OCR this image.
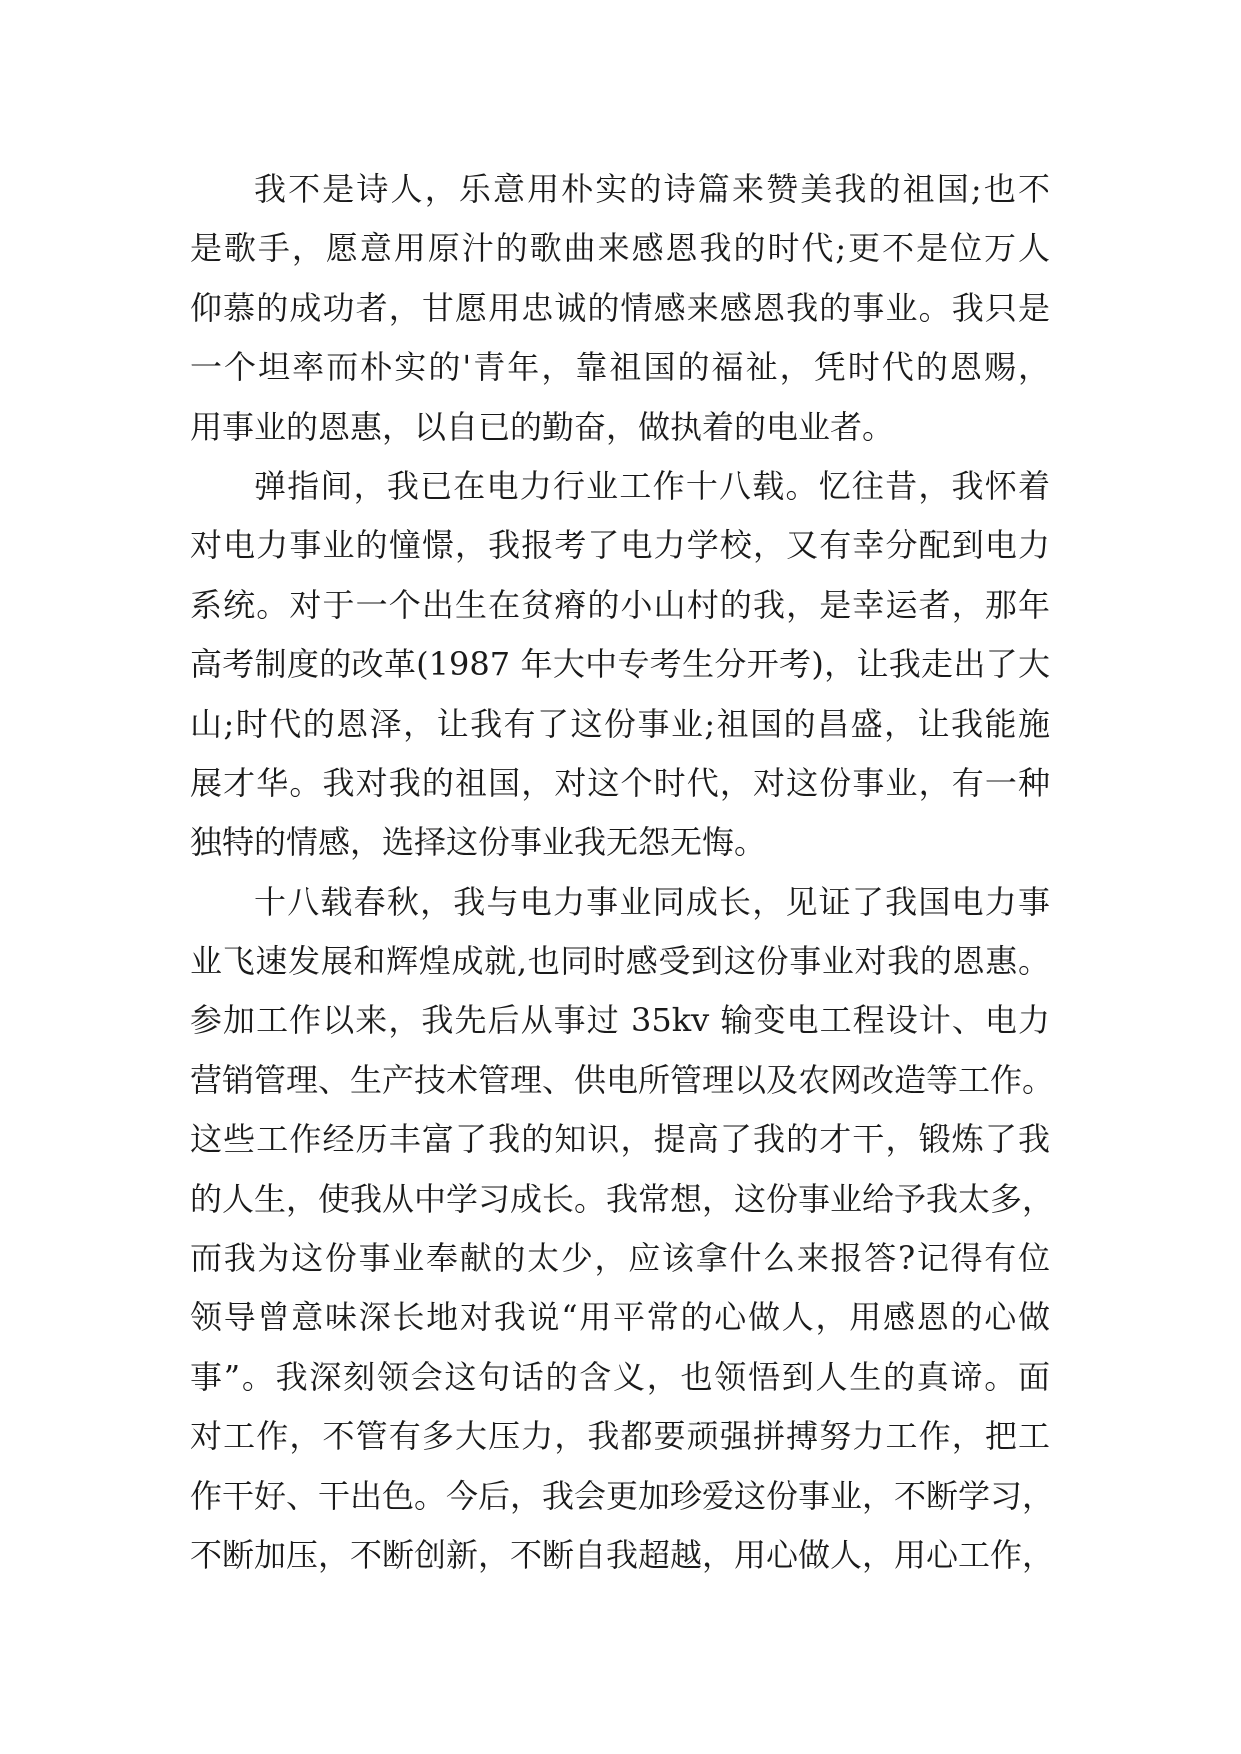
我不是诗人，乐意用朴实的诗篇来赞美我的祖国;也不
是歌手，愿意用原汁的歌曲来感恩我的时代;更不是位万人
仰慕的成功者，甘愿用忠诚的情感来感恩我的事业。我只是
一个坦率而朴实的'青年，靠祖国的福祉，凭时代的恩赐，
用事业的恩惠，以自已的勤奋，做执着的电业者。
弹指间，我已在电力行业工作十八载。忆往昔，我怀着
对电力事业的憧憬，我报考了电力学校，又有幸分配到电力
系统。对于一个出生在贫瘠的小山村的我，是幸运者，那年
高考制度的改革(1987 年大中专考生分开考)，让我走出了大
山;时代的恩泽，让我有了这份事业;祖国的昌盛，让我能施
展才华。我对我的祖国，对这个时代，对这份事业，有一种
独特的情感，选择这份事业我无怨无悔。
十八载春秋，我与电力事业同成长，见证了我国电力事
业飞速发展和辉煌成就,也同时感受到这份事业对我的恩惠。
参加工作以来，我先后从事过 35kv 输变电工程设计、电力
营销管理、生产技术管理、供电所管理以及农网改造等工作。
这些工作经历丰富了我的知识，提高了我的才干，锻炼了我
的人生，使我从中学习成长。我常想，这份事业给予我太多，
而我为这份事业奉献的太少，应该拿什么来报答?记得有位
领导曾意味深长地对我说“用平常的心做人，用感恩的心做
事”。我深刻领会这句话的含义，也领悟到人生的真谛。面
对工作，不管有多大压力，我都要顽强拼搏努力工作，把工
作干好、干出色。今后，我会更加珍爱这份事业，不断学习，
不断加压，不断创新，不断自我超越，用心做人，用心工作，
